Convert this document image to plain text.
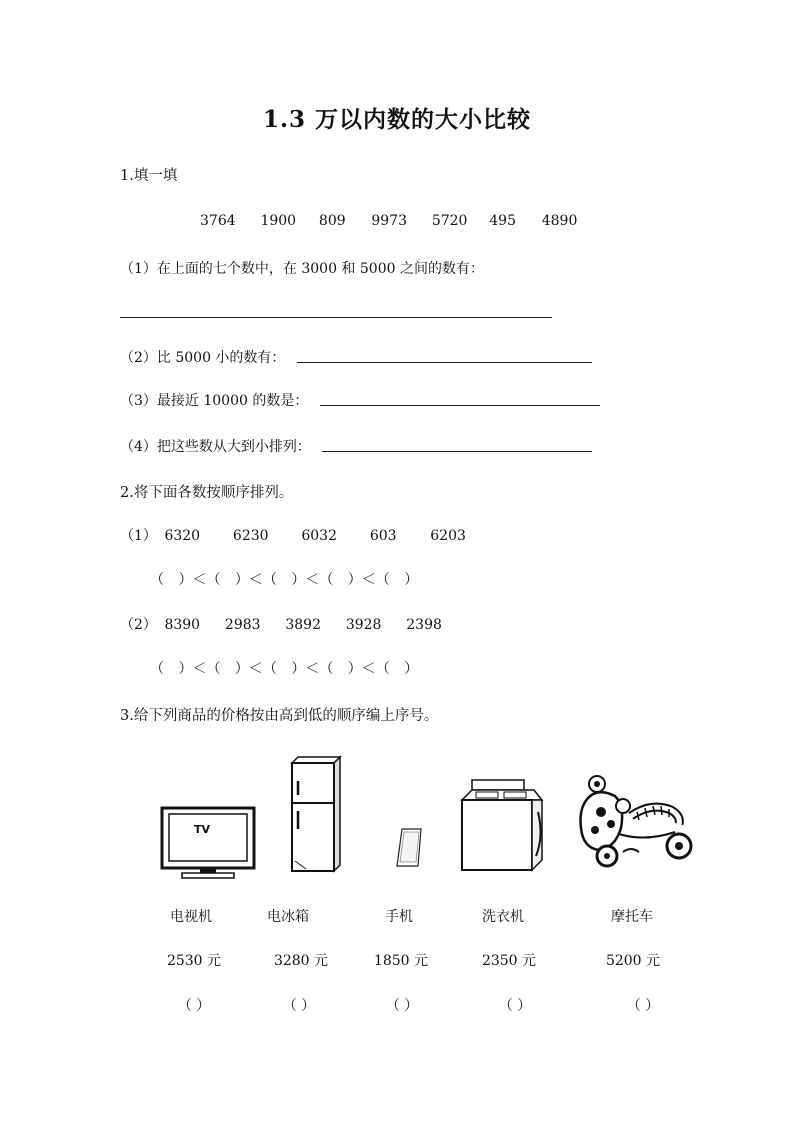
1.3 万以内数的大小比较
1.填一填
3764 1900 809 9973 5720 495 4890
（1）在上面的七个数中，在 3000 和 5000 之间的数有：
（2）比 5000 小的数有：
（3）最接近 10000 的数是：
（4）把这些数从大到小排列：
2.将下面各数按顺序排列。
（1） 6320 6230 6032 603 6203
（ ）＜（ ）＜（ ）＜（ ）＜（ ）
（2） 8390 2983 3892 3928 2398
（ ）＜（ ）＜（ ）＜（ ）＜（ ）
3.给下列商品的价格按由高到低的顺序编上序号。
TV
电视机	电冰箱	手机	洗衣机	摩托车
2530 元	3280 元	1850 元	2350 元	5200 元
（ ）	（ ）	（ ）	（ ）	（ ）
